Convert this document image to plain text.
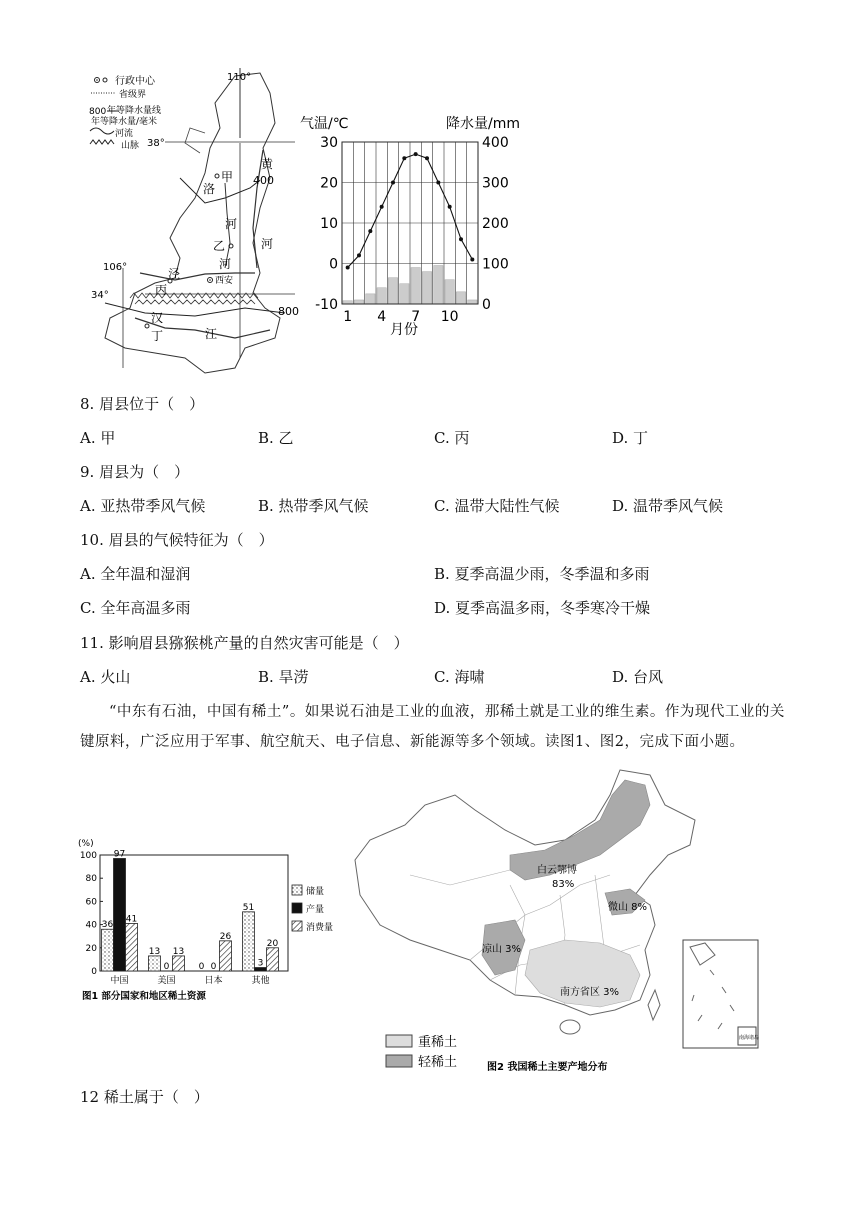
行政中心
省级界
800 年等降水量线
年等降水量/毫米
河流
山脉
110°
38°
106°
34°
400
800
甲
乙
丙
丁
西安
黄
河
洛
河
泾
河
汉
江
气温/℃	降水量/mm
30	400
20	300
10	200
0	100
-10	0
1 4 7 10
月份
8. 眉县位于（　）
A. 甲	B. 乙	C. 丙	D. 丁
9. 眉县为（　）
A. 亚热带季风气候	B. 热带季风气候	C. 温带大陆性气候	D. 温带季风气候
10. 眉县的气候特征为（　）
A. 全年温和湿润	B. 夏季高温少雨，冬季温和多雨
C. 全年高温多雨	D. 夏季高温多雨，冬季寒冷干燥
11. 影响眉县猕猴桃产量的自然灾害可能是（　）
A. 火山	B. 旱涝	C. 海啸	D. 台风
“中东有石油，中国有稀土”。如果说石油是工业的血液，那稀土就是工业的维生素。作为现代工业的关键原料，广泛应用于军事、航空航天、电子信息、新能源等多个领域。读图1、图2，完成下面小题。
(%)
100
80
60
40
20
0
36
97
41
中国
13
0
13
美国
0 0
26
日本
51
3
20
其他
储量
产量
消费量
图1 部分国家和地区稀土资源
白云鄂博
83%
微山 8%
凉山 3%
南方省区 3%
南海诸岛
重稀土
轻稀土	图2 我国稀土主要产地分布
12 稀土属于（　）
